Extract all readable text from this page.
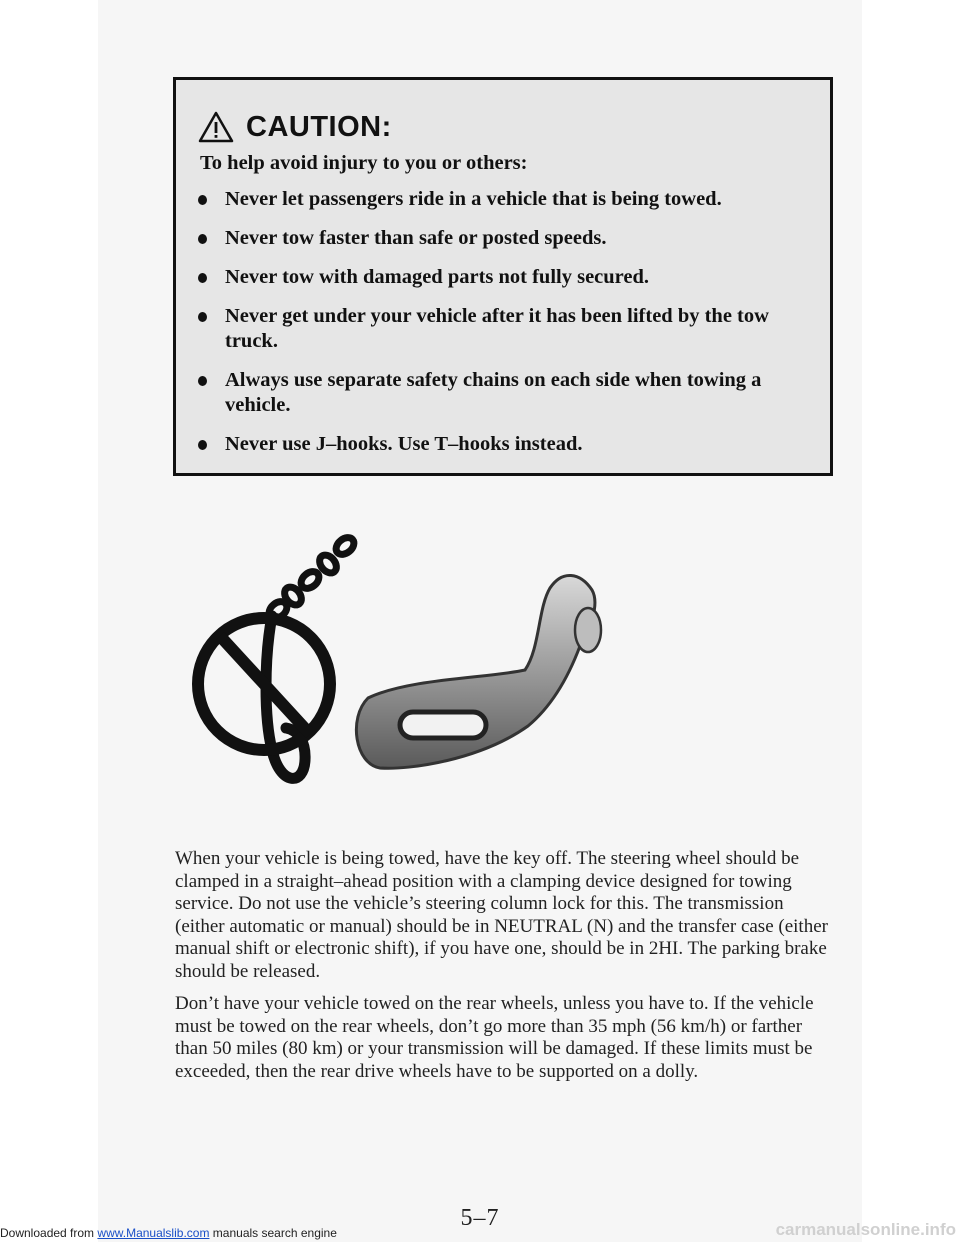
CAUTION:
To help avoid injury to you or others:
Never let passengers ride in a vehicle that is being towed.
Never tow faster than safe or posted speeds.
Never tow with damaged parts not fully secured.
Never get under your vehicle after it has been lifted by the tow truck.
Always use separate safety chains on each side when towing a vehicle.
Never use J–hooks. Use T–hooks instead.

When your vehicle is being towed, have the key off. The steering wheel should be clamped in a straight–ahead position with a clamping device designed for towing service. Do not use the vehicle’s steering column lock for this. The transmission (either automatic or manual) should be in NEUTRAL (N) and the transfer case (either manual shift or electronic shift), if you have one, should be in 2HI. The parking brake should be released.

Don’t have your vehicle towed on the rear wheels, unless you have to. If the vehicle must be towed on the rear wheels, don’t go more than 35 mph (56 km/h) or farther than 50 miles (80 km) or your transmission will be damaged. If these limits must be exceeded, then the rear drive wheels have to be supported on a dolly.

5–7
Downloaded from www.Manualslib.com manuals search engine	carmanualsonline.info
